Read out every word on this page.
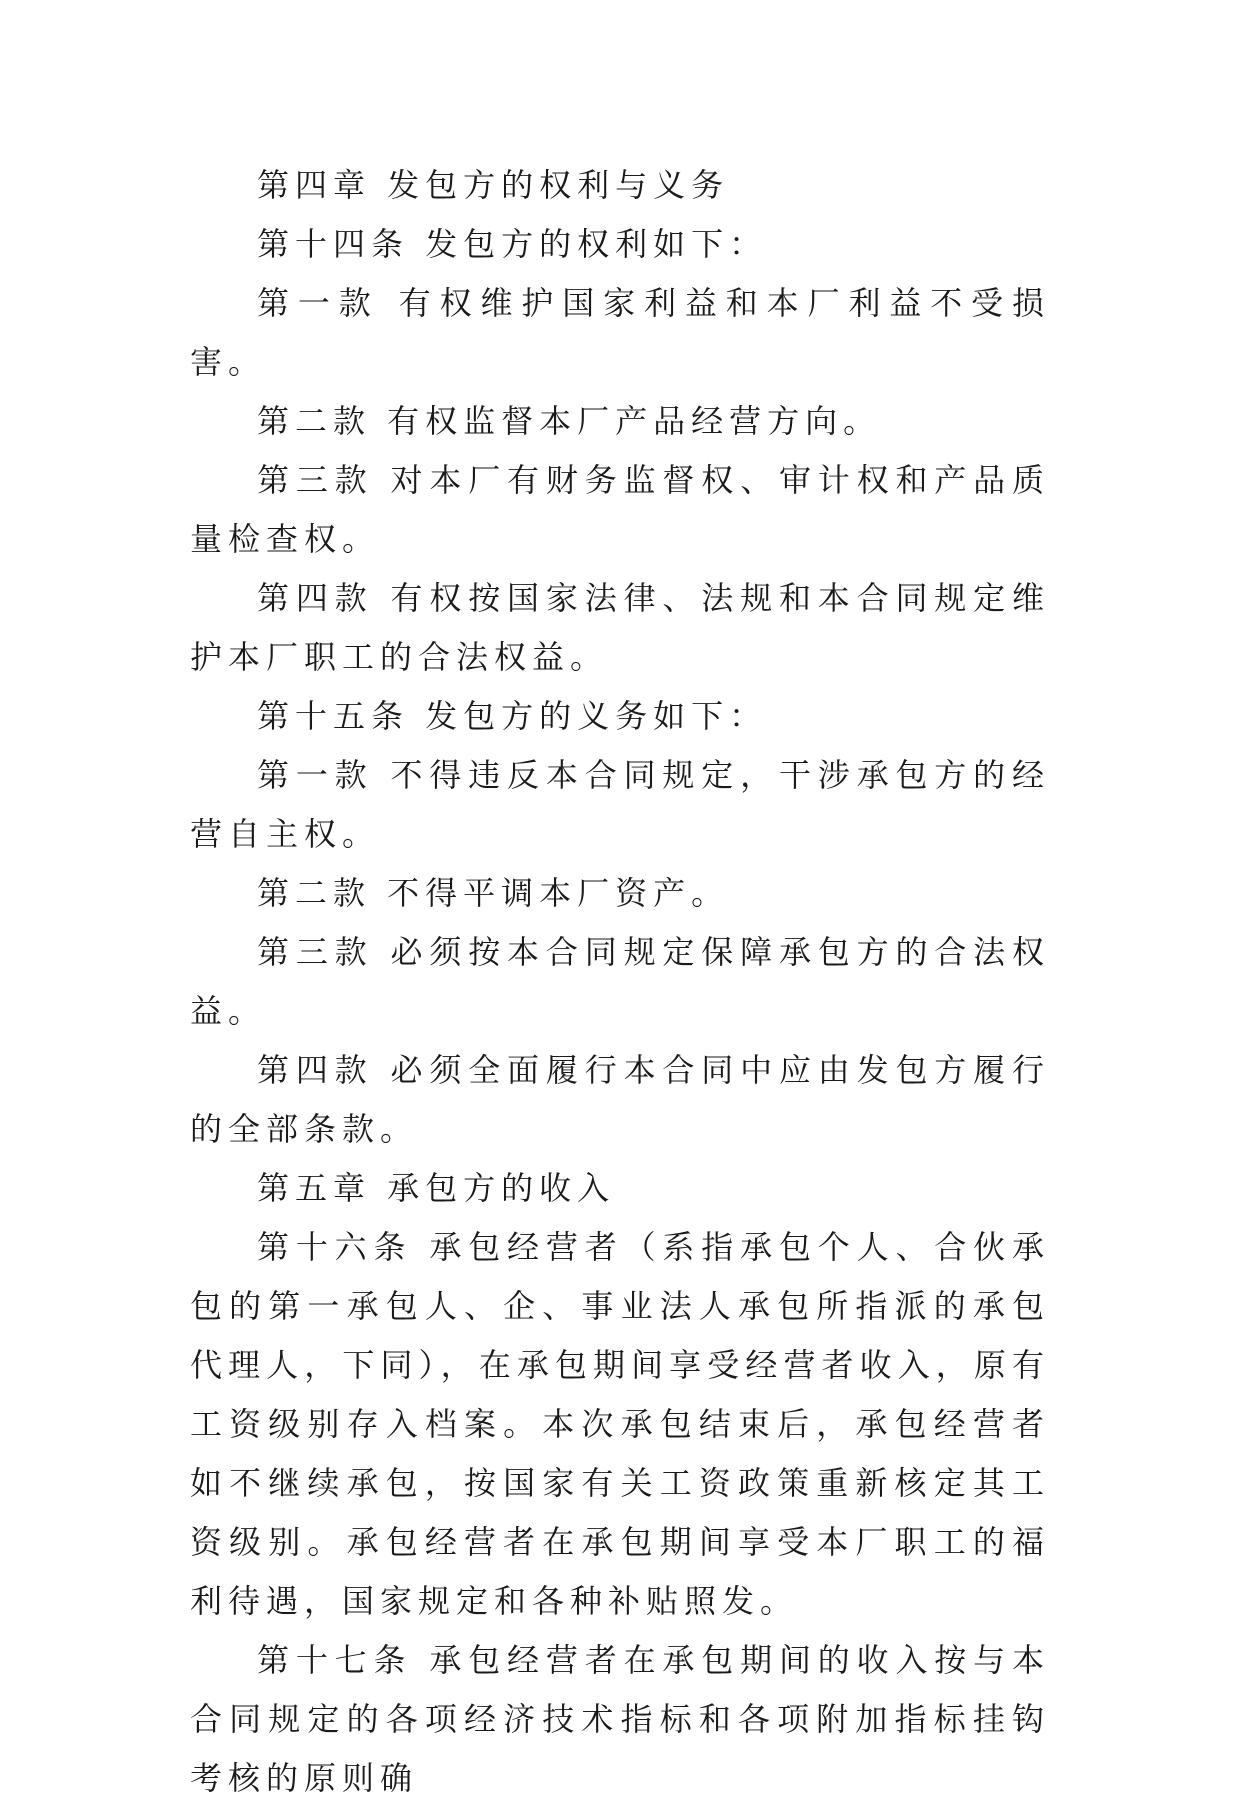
第四章 发包方的权利与义务

第十四条 发包方的权利如下：

第一款 有权维护国家利益和本厂利益不受损害。

第二款 有权监督本厂产品经营方向。

第三款 对本厂有财务监督权、审计权和产品质量检查权。

第四款 有权按国家法律、法规和本合同规定维护本厂职工的合法权益。

第十五条 发包方的义务如下：

第一款 不得违反本合同规定，干涉承包方的经营自主权。

第二款 不得平调本厂资产。

第三款 必须按本合同规定保障承包方的合法权益。

第四款 必须全面履行本合同中应由发包方履行的全部条款。

第五章 承包方的收入

第十六条 承包经营者（系指承包个人、合伙承包的第一承包人、企、事业法人承包所指派的承包代理人，下同），在承包期间享受经营者收入，原有工资级别存入档案。本次承包结束后，承包经营者如不继续承包，按国家有关工资政策重新核定其工资级别。承包经营者在承包期间享受本厂职工的福利待遇，国家规定和各种补贴照发。

第十七条 承包经营者在承包期间的收入按与本合同规定的各项经济技术指标和各项附加指标挂钩考核的原则确
